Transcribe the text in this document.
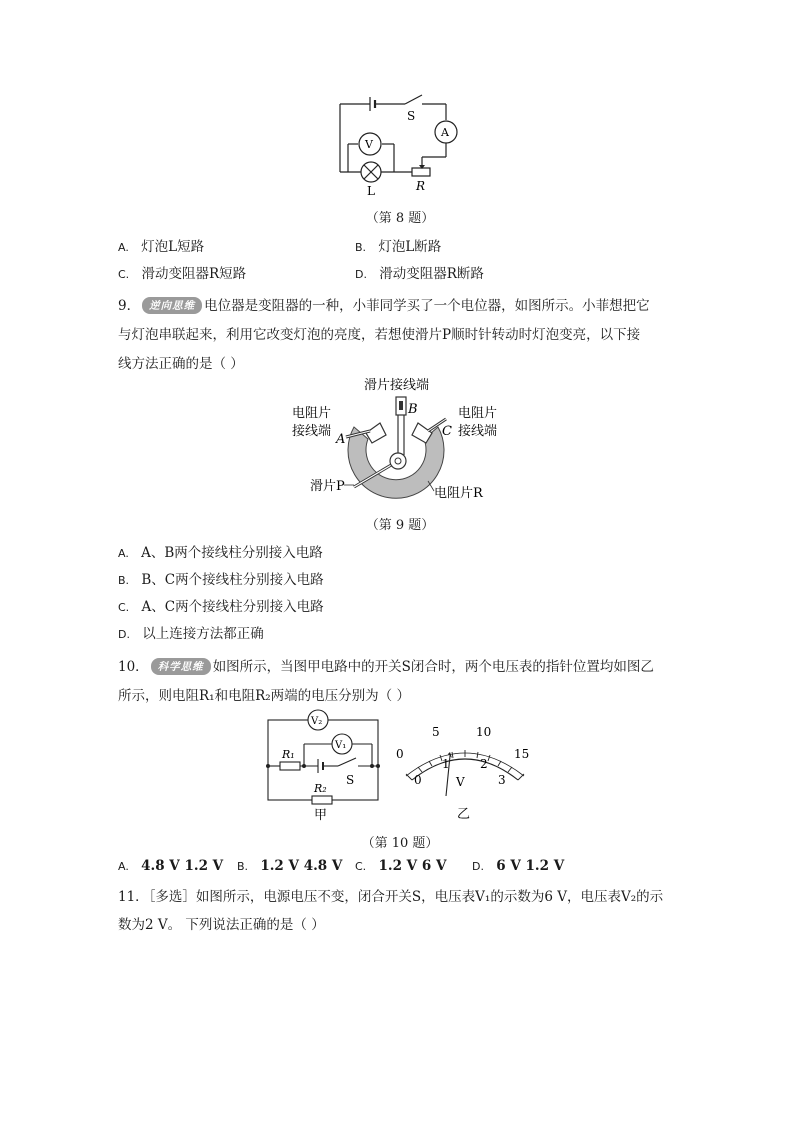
S
A
V
L	R
（第 8 题）
A. 灯泡L短路	B. 灯泡L断路
C. 滑动变阻器R短路	D. 滑动变阻器R断路
9． 逆向思维 电位器是变阻器的一种，小菲同学买了一个电位器，如图所示。小菲想把它
与灯泡串联起来，利用它改变灯泡的亮度，若想使滑片P顺时针转动时灯泡变亮，以下接
线方法正确的是（ ）
滑片接线端
B
电阻片
接线端
A
电阻片
接线端
C
滑片P	电阻片R
（第 9 题）
A. A、B两个接线柱分别接入电路
B. B、C两个接线柱分别接入电路
C. A、C两个接线柱分别接入电路
D. 以上连接方法都正确
10． 科学思维 如图所示，当图甲电路中的开关S闭合时，两个电压表的指针位置均如图乙
所示，则电阻R₁和电阻R₂两端的电压分别为（ ）
V₂
V₁
R₁
S
R₂
甲
0
5	10
15
0
1	2
3
V
乙
（第 10 题）
A. 4.8 V 1.2 V B. 1.2 V 4.8 V C. 1.2 V 6 V D. 6 V 1.2 V
11．［多选］如图所示，电源电压不变，闭合开关S，电压表V₁的示数为6 V，电压表V₂的示
数为2 V。 下列说法正确的是（ ）
